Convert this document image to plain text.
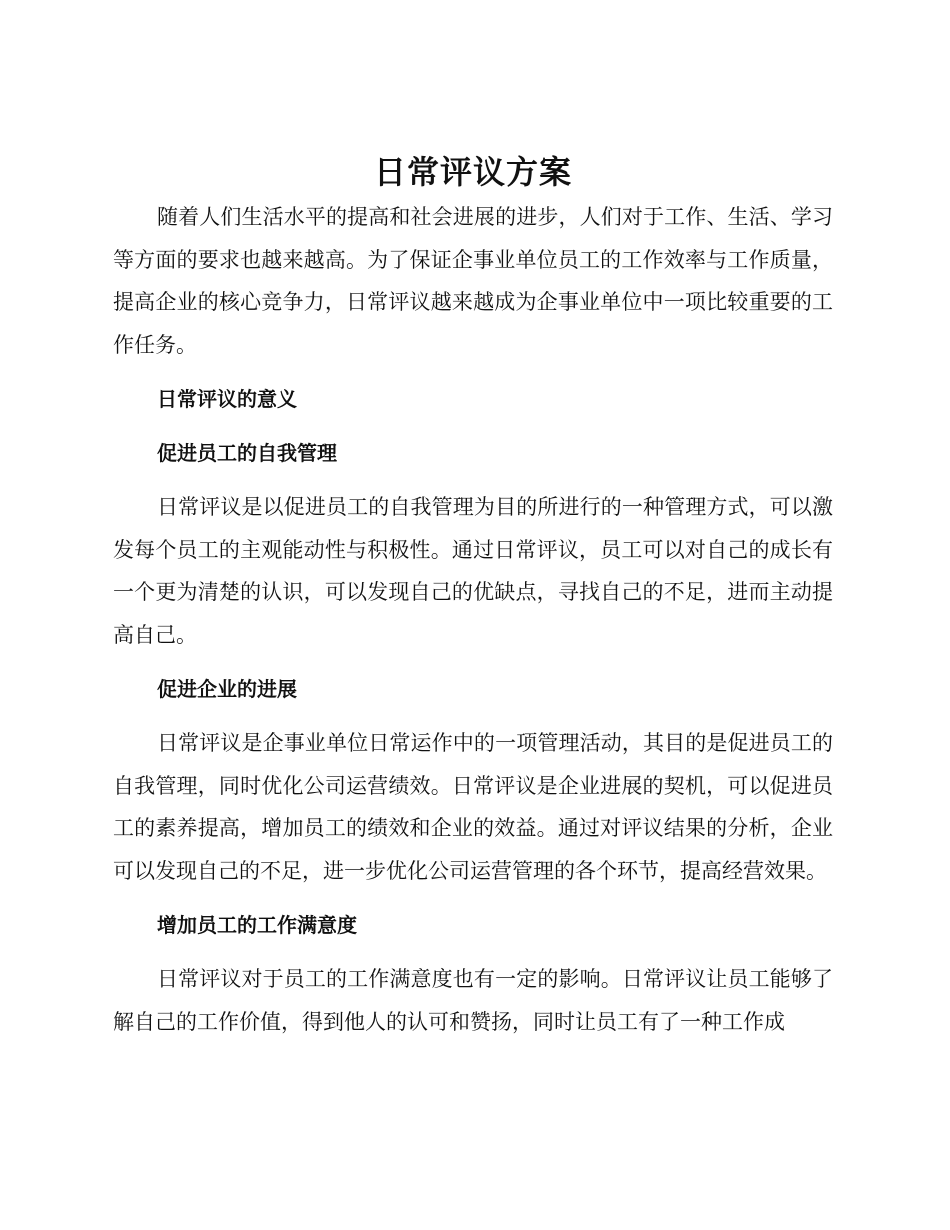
日常评议方案

随着人们生活水平的提高和社会进展的进步，人们对于工作、生活、学习等方面的要求也越来越高。为了保证企事业单位员工的工作效率与工作质量，提高企业的核心竞争力，日常评议越来越成为企事业单位中一项比较重要的工作任务。

日常评议的意义
促进员工的自我管理

日常评议是以促进员工的自我管理为目的所进行的一种管理方式，可以激发每个员工的主观能动性与积极性。通过日常评议，员工可以对自己的成长有一个更为清楚的认识，可以发现自己的优缺点，寻找自己的不足，进而主动提高自己。

促进企业的进展

日常评议是企事业单位日常运作中的一项管理活动，其目的是促进员工的自我管理，同时优化公司运营绩效。日常评议是企业进展的契机，可以促进员工的素养提高，增加员工的绩效和企业的效益。通过对评议结果的分析，企业可以发现自己的不足，进一步优化公司运营管理的各个环节，提高经营效果。

增加员工的工作满意度

日常评议对于员工的工作满意度也有一定的影响。日常评议让员工能够了解自己的工作价值，得到他人的认可和赞扬，同时让员工有了一种工作成
